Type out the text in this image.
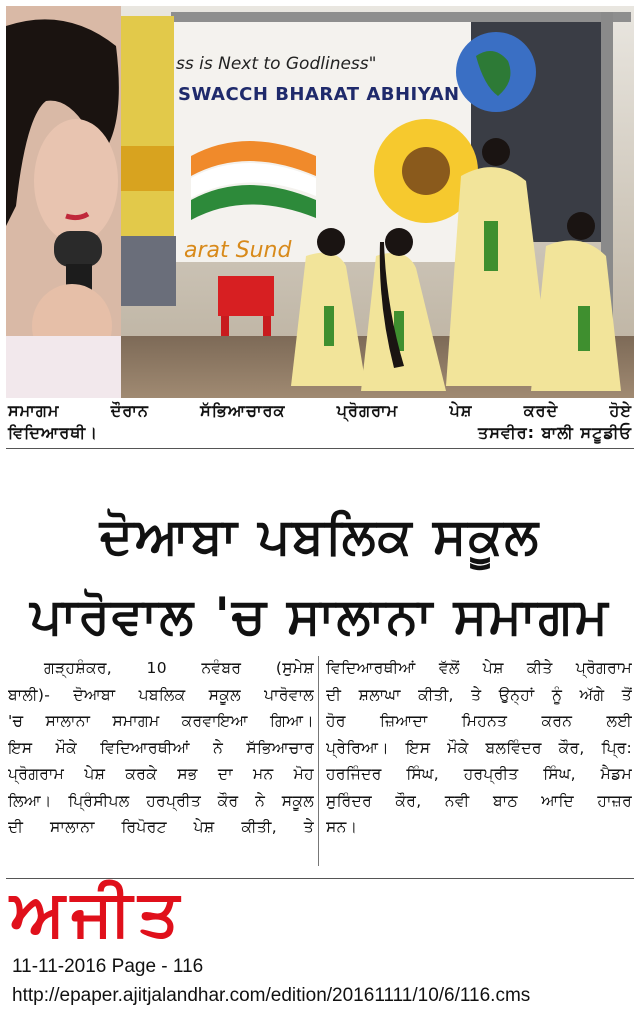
ss is Next to Godliness"
SWACCH BHARAT ABHIYAN
arat Sund
ਸਮਾਗਮ ਦੌਰਾਨ ਸੱਭਿਆਚਾਰਕ ਪ੍ਰੋਗਰਾਮ ਪੇਸ਼ ਕਰਦੇ ਹੋਏ
ਵਿਦਿਆਰਥੀ।	ਤਸਵੀਰ: ਬਾਲੀ ਸਟੂਡੀਓ
ਦੋਆਬਾ ਪਬਲਿਕ ਸਕੂਲ
ਪਾਰੋਵਾਲ 'ਚ ਸਾਲਾਨਾ ਸਮਾਗਮ
ਗੜ੍ਹਸ਼ੰਕਰ, 10 ਨਵੰਬਰ (ਸੁਮੇਸ਼
ਬਾਲੀ)- ਦੋਆਬਾ ਪਬਲਿਕ ਸਕੂਲ ਪਾਰੋਵਾਲ
'ਚ ਸਾਲਾਨਾ ਸਮਾਗਮ ਕਰਵਾਇਆ ਗਿਆ।
ਇਸ ਮੌਕੇ ਵਿਦਿਆਰਥੀਆਂ ਨੇ ਸੱਭਿਆਚਾਰ
ਪ੍ਰੋਗਰਾਮ ਪੇਸ਼ ਕਰਕੇ ਸਭ ਦਾ ਮਨ ਮੋਹ
ਲਿਆ। ਪ੍ਰਿੰਸੀਪਲ ਹਰਪ੍ਰੀਤ ਕੌਰ ਨੇ ਸਕੂਲ
ਦੀ ਸਾਲਾਨਾ ਰਿਪੋਰਟ ਪੇਸ਼ ਕੀਤੀ, ਤੇ
ਵਿਦਿਆਰਥੀਆਂ ਵੱਲੋਂ ਪੇਸ਼ ਕੀਤੇ ਪ੍ਰੋਗਰਾਮ
ਦੀ ਸ਼ਲਾਘਾ ਕੀਤੀ, ਤੇ ਉਨ੍ਹਾਂ ਨੂੰ ਅੱਗੇ ਤੋਂ
ਹੋਰ ਜ਼ਿਆਦਾ ਮਿਹਨਤ ਕਰਨ ਲਈ
ਪ੍ਰੇਰਿਆ। ਇਸ ਮੌਕੇ ਬਲਵਿੰਦਰ ਕੌਰ, ਪ੍ਰਿ:
ਹਰਜਿੰਦਰ ਸਿੰਘ, ਹਰਪ੍ਰੀਤ ਸਿੰਘ, ਮੈਡਮ
ਸੁਰਿੰਦਰ ਕੌਰ, ਨਵੀ ਬਾਠ ਆਦਿ ਹਾਜ਼ਰ
ਸਨ।
ਅਜੀਤ
11-11-2016 Page - 116
http://epaper.ajitjalandhar.com/edition/20161111/10/6/116.cms
